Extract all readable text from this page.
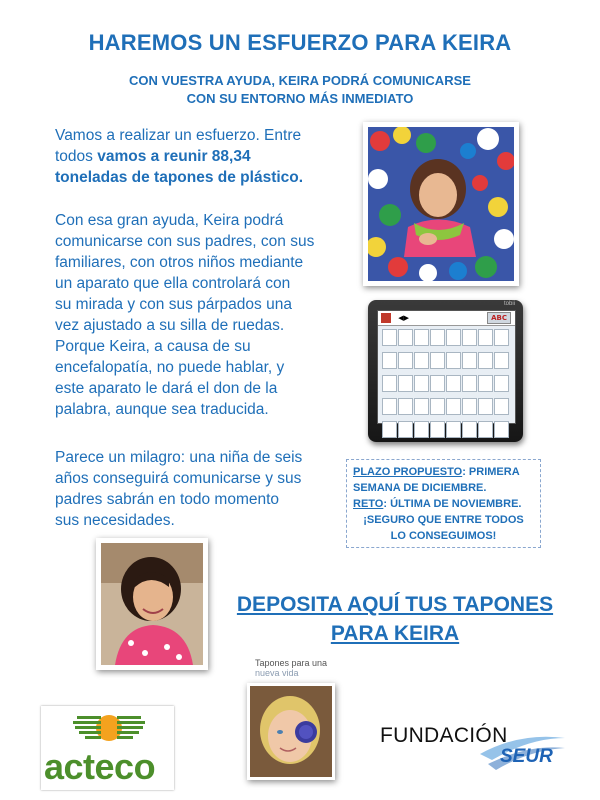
HAREMOS UN ESFUERZO PARA KEIRA
CON VUESTRA AYUDA, KEIRA PODRÁ COMUNICARSE
CON SU ENTORNO MÁS INMEDIATO
Vamos a realizar un esfuerzo. Entre
todos vamos a reunir 88,34
toneladas de tapones de plástico.
Con esa gran ayuda, Keira podrá
comunicarse con sus padres, con sus
familiares, con otros niños mediante
un aparato que ella controlará con
su mirada y con sus párpados una
vez ajustado a su silla de ruedas.
Porque Keira, a causa de su
encefalopatía, no puede hablar, y
este aparato le dará el don de la
palabra, aunque sea traducida.
Parece un milagro: una niña de seis
años conseguirá comunicarse y sus
padres sabrán en todo momento
sus necesidades.
◀▶	ABC

tobii
PLAZO PROPUESTO: PRIMERA
SEMANA DE DICIEMBRE.
RETO: ÚLTIMA DE NOVIEMBRE.
¡SEGURO QUE ENTRE TODOS
LO CONSEGUIMOS!
DEPOSITA AQUÍ TUS TAPONES
PARA KEIRA
Tapones para una
nueva vida
acteco
FUNDACIÓN
SEUR
